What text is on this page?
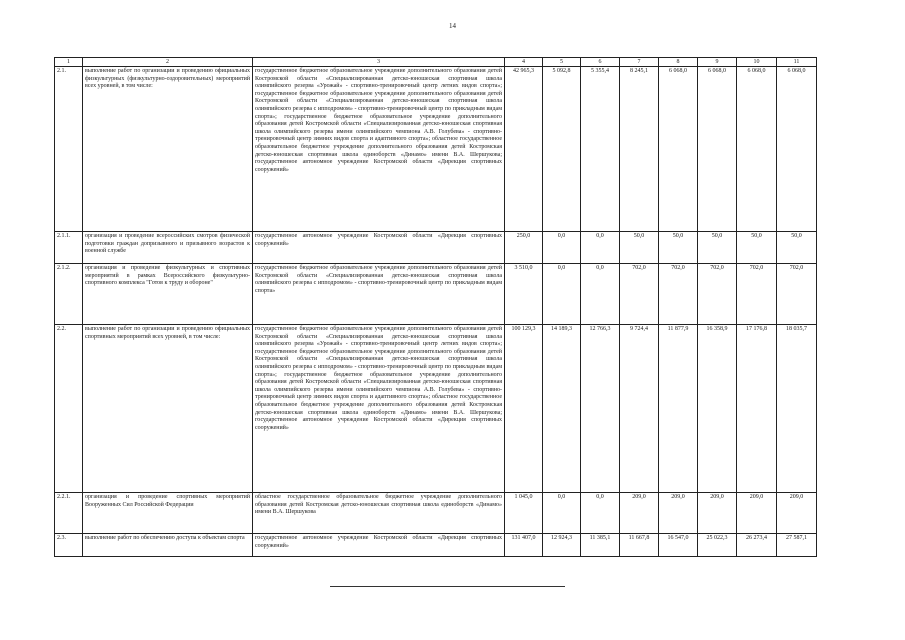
14
1	2	3	4	5	6	7	8	9	10	11
2.1.	выполнение работ по организации и проведению официальных физкультурных (физкультурно-оздоровительных) мероприятий всех уровней, в том числе:	государственное бюджетное образовательное учреждение дополнительного образования детей Костромской области «Специализированная детско-юношеская спортивная школа олимпийского резерва «Урожай» - спортивно-тренировочный центр летних видов спорта»; государственное бюджетное образовательное учреждение дополнительного образования детей Костромской области «Специализированная детско-юношеская спортивная школа олимпийского резерва с ипподромом» - спортивно-тренировочный центр по прикладным видам спорта»; государственное бюджетное образовательное учреждение дополнительного образования детей Костромской области «Специализированная детско-юношеская спортивная школа олимпийского резерва имени олимпийского чемпиона А.В. Голубева» - спортивно-тренировочный центр зимних видов спорта и адаптивного спорта»; областное государственное образовательное бюджетное учреждение дополнительного образования детей Костромская детско-юношеская спортивная школа единоборств «Динамо» имени В.А. Шершукова; государственное автономное учреждение Костромской области «Дирекция спортивных сооружений»	42 965,3	5 092,8	5 355,4	8 245,1	6 068,0	6 068,0	6 068,0	6 068,0
2.1.1.	организация и проведение всероссийских смотров физической подготовки граждан допризывного и призывного возрастов к военной службе	государственное автономное учреждение Костромской области «Дирекция спортивных сооружений»	250,0	0,0	0,0	50,0	50,0	50,0	50,0	50,0
2.1.2.	организация и проведение физкультурных и спортивных мероприятий в рамках Всероссийского физкультурно-спортивного комплекса "Готов к труду и обороне"	государственное бюджетное образовательное учреждение дополнительного образования детей Костромской области «Специализированная детско-юношеская спортивная школа олимпийского резерва с ипподромом» - спортивно-тренировочный центр по прикладным видам спорта»	3 510,0	0,0	0,0	702,0	702,0	702,0	702,0	702,0
2.2.	выполнение работ по организации и проведению официальных спортивных мероприятий всех уровней, в том числе:	государственное бюджетное образовательное учреждение дополнительного образования детей Костромской области «Специализированная детско-юношеская спортивная школа олимпийского резерва «Урожай» - спортивно-тренировочный центр летних видов спорта»; государственное бюджетное образовательное учреждение дополнительного образования детей Костромской области «Специализированная детско-юношеская спортивная школа олимпийского резерва с ипподромом» - спортивно-тренировочный центр по прикладным видам спорта»; государственное бюджетное образовательное учреждение дополнительного образования детей Костромской области «Специализированная детско-юношеская спортивная школа олимпийского резерва имени олимпийского чемпиона А.В. Голубева» - спортивно-тренировочный центр зимних видов спорта и адаптивного спорта»; областное государственное образовательное бюджетное учреждение дополнительного образования детей Костромская детско-юношеская спортивная школа единоборств «Динамо» имени В.А. Шершукова; государственное автономное учреждение Костромской области «Дирекция спортивных сооружений»	100 129,3	14 189,3	12 766,3	9 724,4	11 877,9	16 358,9	17 176,8	18 035,7
2.2.1.	организация и проведение спортивных мероприятий Вооруженных Сил Российской Федерации	областное государственное образовательное бюджетное учреждение дополнительного образования детей Костромская детско-юношеская спортивная школа единоборств «Динамо» имени В.А. Шершукова	1 045,0	0,0	0,0	209,0	209,0	209,0	209,0	209,0
2.3.	выполнение работ по обеспечению доступа к объектам спорта	государственное автономное учреждение Костромской области «Дирекция спортивных сооружений»	131 407,0	12 924,3	11 385,1	11 667,8	16 547,0	25 022,3	26 273,4	27 587,1
